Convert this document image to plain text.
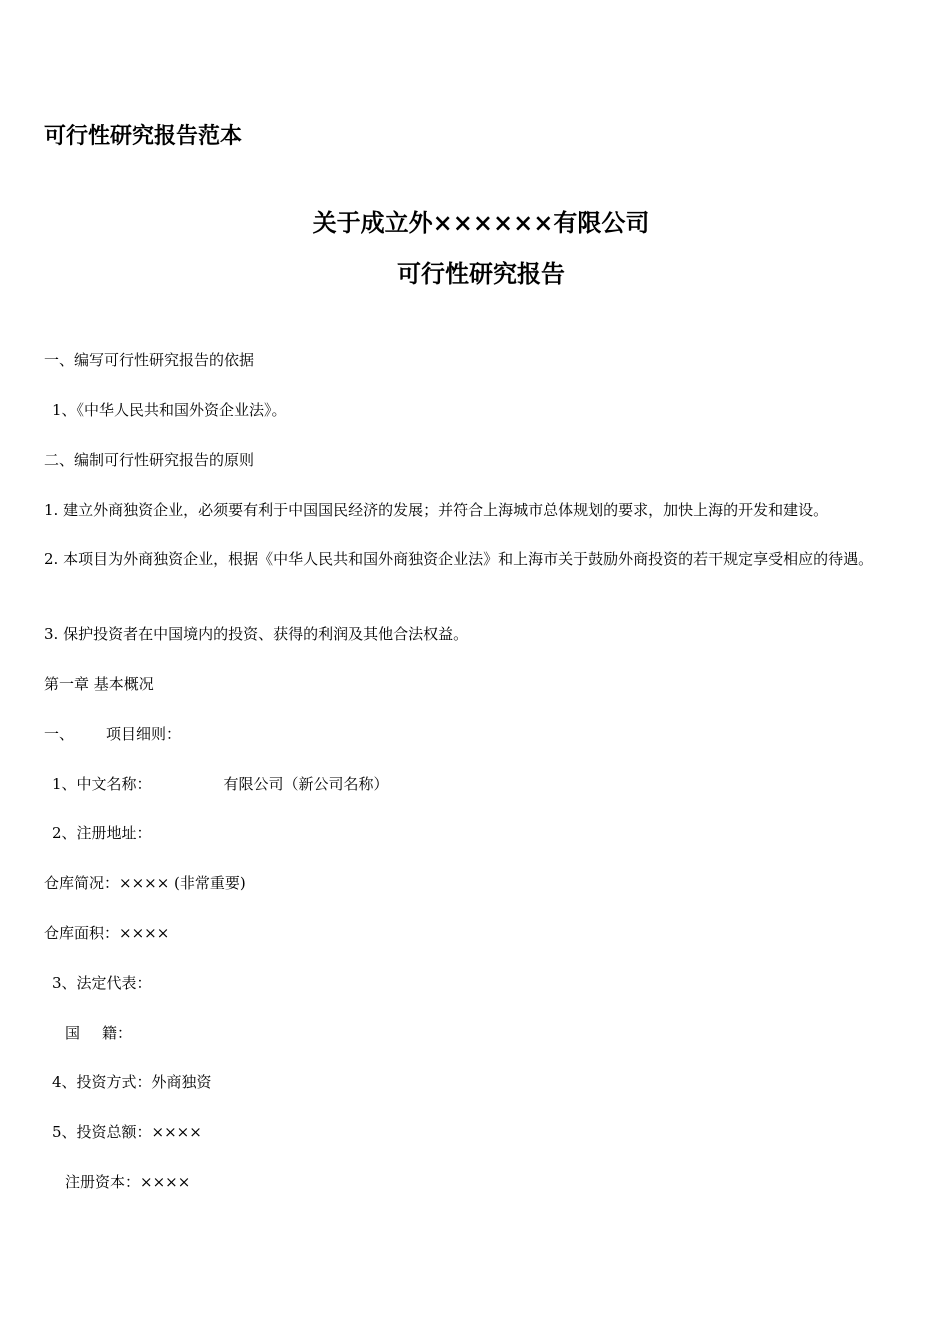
可行性研究报告范本
关于成立外××××××有限公司
可行性研究报告
一、编写可行性研究报告的依据
1、《中华人民共和国外资企业法》。
二、编制可行性研究报告的原则
1. 建立外商独资企业，必须要有利于中国国民经济的发展；并符合上海城市总体规划的要求，加快上海的开发和建设。
2. 本项目为外商独资企业，根据《中华人民共和国外商独资企业法》和上海市关于鼓励外商投资的若干规定享受相应的待遇。
3. 保护投资者在中国境内的投资、获得的利润及其他合法权益。
第一章 基本概况
一、 项目细则：
1、中文名称：	有限公司（新公司名称）
2、注册地址：
仓库简况：×××× (非常重要)
仓库面积：××××
3、法定代表：
国 籍：
4、投资方式：外商独资
5、投资总额：××××
注册资本：××××
